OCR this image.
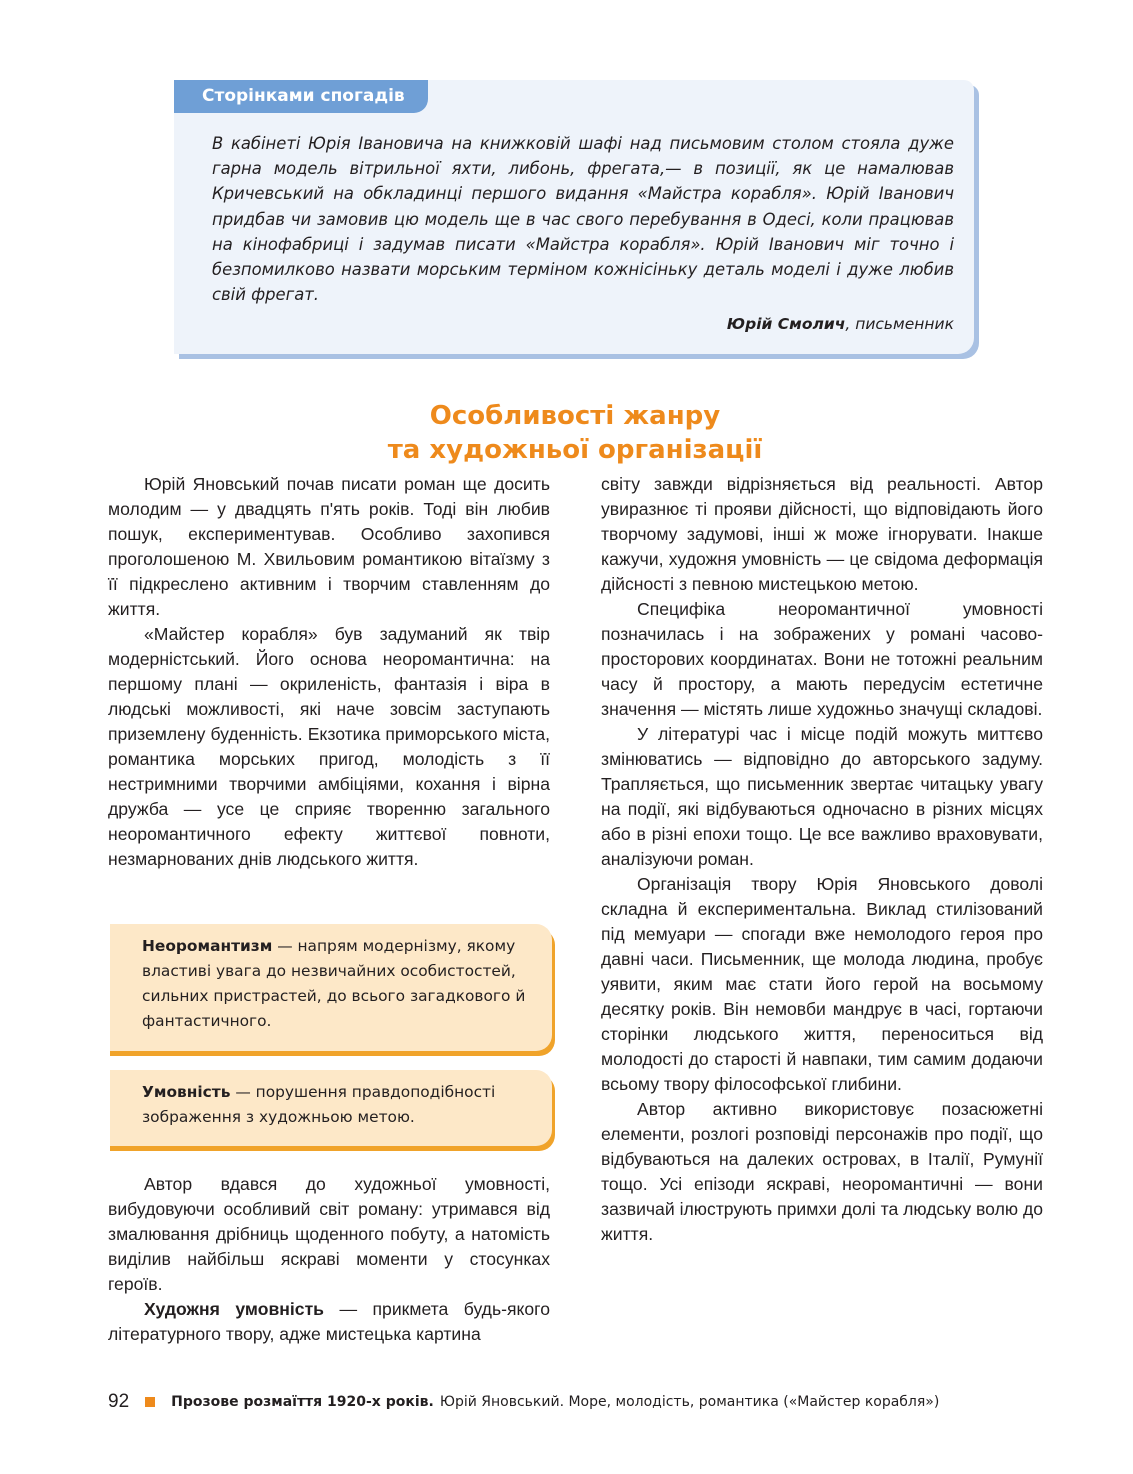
Сторінками спогадів
В кабінеті Юрія Івановича на книжковій шафі над письмовим столом стояла дуже гарна модель вітрильної яхти, либонь, фрегата,— в позиції, як це намалював Кричевський на обкладинці першого видання «Майстра корабля». Юрій Іванович придбав чи замовив цю модель ще в час свого перебування в Одесі, коли працював на кінофабриці і задумав писати «Майстра корабля». Юрій Іванович міг точно і безпомилково назвати морським терміном кожнісіньку деталь моделі і дуже любив свій фрегат.
Юрій Смолич, письменник
Особливості жанру
та художньої організації

Юрій Яновський почав писати роман ще досить молодим — у двадцять п'ять років. Тоді він любив пошук, експериментував. Особливо захопився проголошеною М. Хвильовим романтикою вітаїзму з її підкреслено активним і творчим ставленням до життя.

«Майстер корабля» був задуманий як твір модерністський. Його основа неоромантична: на першому плані — окриленість, фантазія і віра в людські можливості, які наче зовсім заступають приземлену буденність. Екзотика приморського міста, романтика морських пригод, молодість з її нестримними творчими амбіціями, кохання і вірна дружба — усе це сприяє творенню загального неоромантичного ефекту життєвої повноти, незмарнованих днів людського життя.

Неоромантизм — напрям модернізму, якому властиві увага до незвичайних особистостей, сильних пристрастей, до всього загадкового й фантастичного.

Умовність — порушення правдоподібності зображення з художньою метою.

Автор вдався до художньої умовності, вибудовуючи особливий світ роману: утримався від змалювання дрібниць щоденного побуту, а натомість виділив найбільш яскраві моменти у стосунках героїв.

Художня умовність — прикмета будь-якого літературного твору, адже мистецька картина

світу завжди відрізняється від реальності. Автор увиразнює ті прояви дійсності, що відповідають його творчому задумові, інші ж може ігнорувати. Інакше кажучи, художня умовність — це свідома деформація дійсності з певною мистецькою метою.

Специфіка неоромантичної умовності позначилась і на зображених у романі часово-просторових координатах. Вони не тотожні реальним часу й простору, а мають передусім естетичне значення — містять лише художньо значущі складові.

У літературі час і місце подій можуть миттєво змінюватись — відповідно до авторського задуму. Трапляється, що письменник звертає читацьку увагу на події, які відбуваються одночасно в різних місцях або в різні епохи тощо. Це все важливо враховувати, аналізуючи роман.

Організація твору Юрія Яновського доволі складна й експериментальна. Виклад стилізований під мемуари — спогади вже немолодого героя про давні часи. Письменник, ще молода людина, пробує уявити, яким має стати його герой на восьмому десятку років. Він немовби мандрує в часі, гортаючи сторінки людського життя, переноситься від молодості до старості й навпаки, тим самим додаючи всьому твору філософської глибини.

Автор активно використовує позасюжетні елементи, розлогі розповіді персонажів про події, що відбуваються на далеких островах, в Італії, Румунії тощо. Усі епізоди яскраві, неоромантичні — вони зазвичай ілюструють примхи долі та людську волю до життя.

92	Прозове розмаїття 1920-х років. Юрій Яновський. Море, молодість, романтика («Майстер корабля»)
